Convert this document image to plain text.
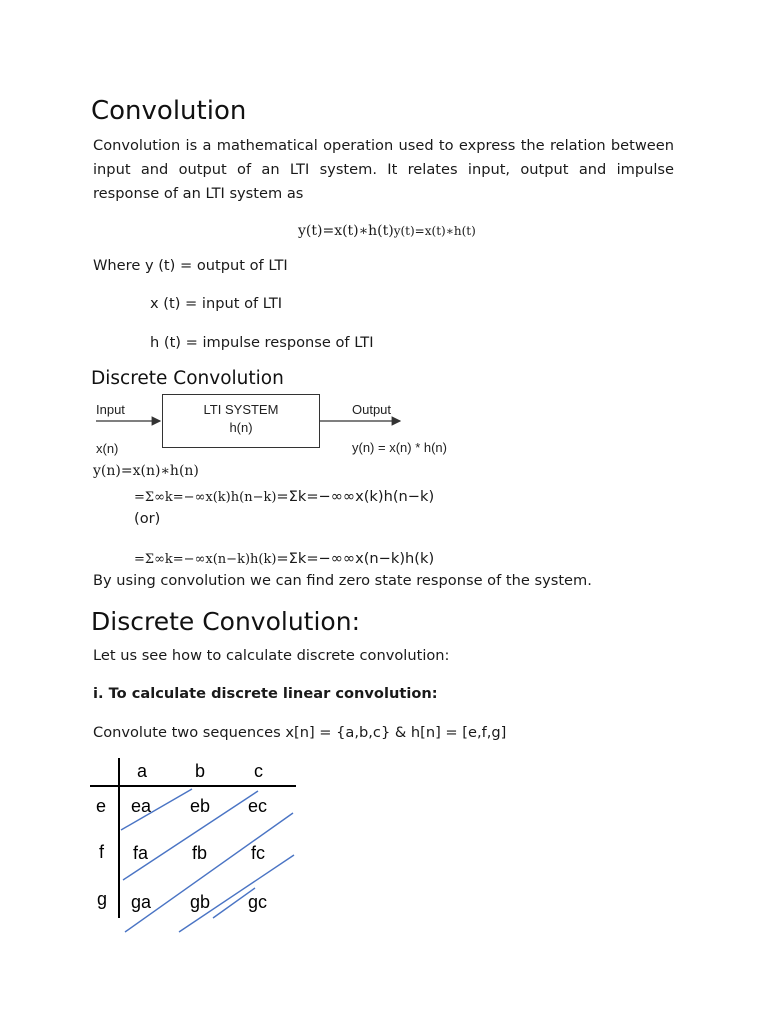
Convolution
Convolution is a mathematical operation used to express the relation between input and output of an LTI system. It relates input, output and impulse response of an LTI system as
y(t)=x(t)∗h(t)y(t)=x(t)∗h(t)
Where y (t) = output of LTI
x (t) = input of LTI
h (t) = impulse response of LTI
Discrete Convolution
Input
x(n)
LTI SYSTEM
h(n)
Output
y(n) = x(n) * h(n)
y(n)=x(n)∗h(n)
=Σ∞k=−∞x(k)h(n−k)=Σk=−∞∞x(k)h(n−k)
(or)
=Σ∞k=−∞x(n−k)h(k)=Σk=−∞∞x(n−k)h(k)
By using convolution we can find zero state response of the system.
Discrete Convolution:
Let us see how to calculate discrete convolution:
i. To calculate discrete linear convolution:
Convolute two sequences x[n] = {a,b,c} & h[n] = [e,f,g]
a	b	c
e
f
g
ea eb ec
fa fb fc
ga gb gc
